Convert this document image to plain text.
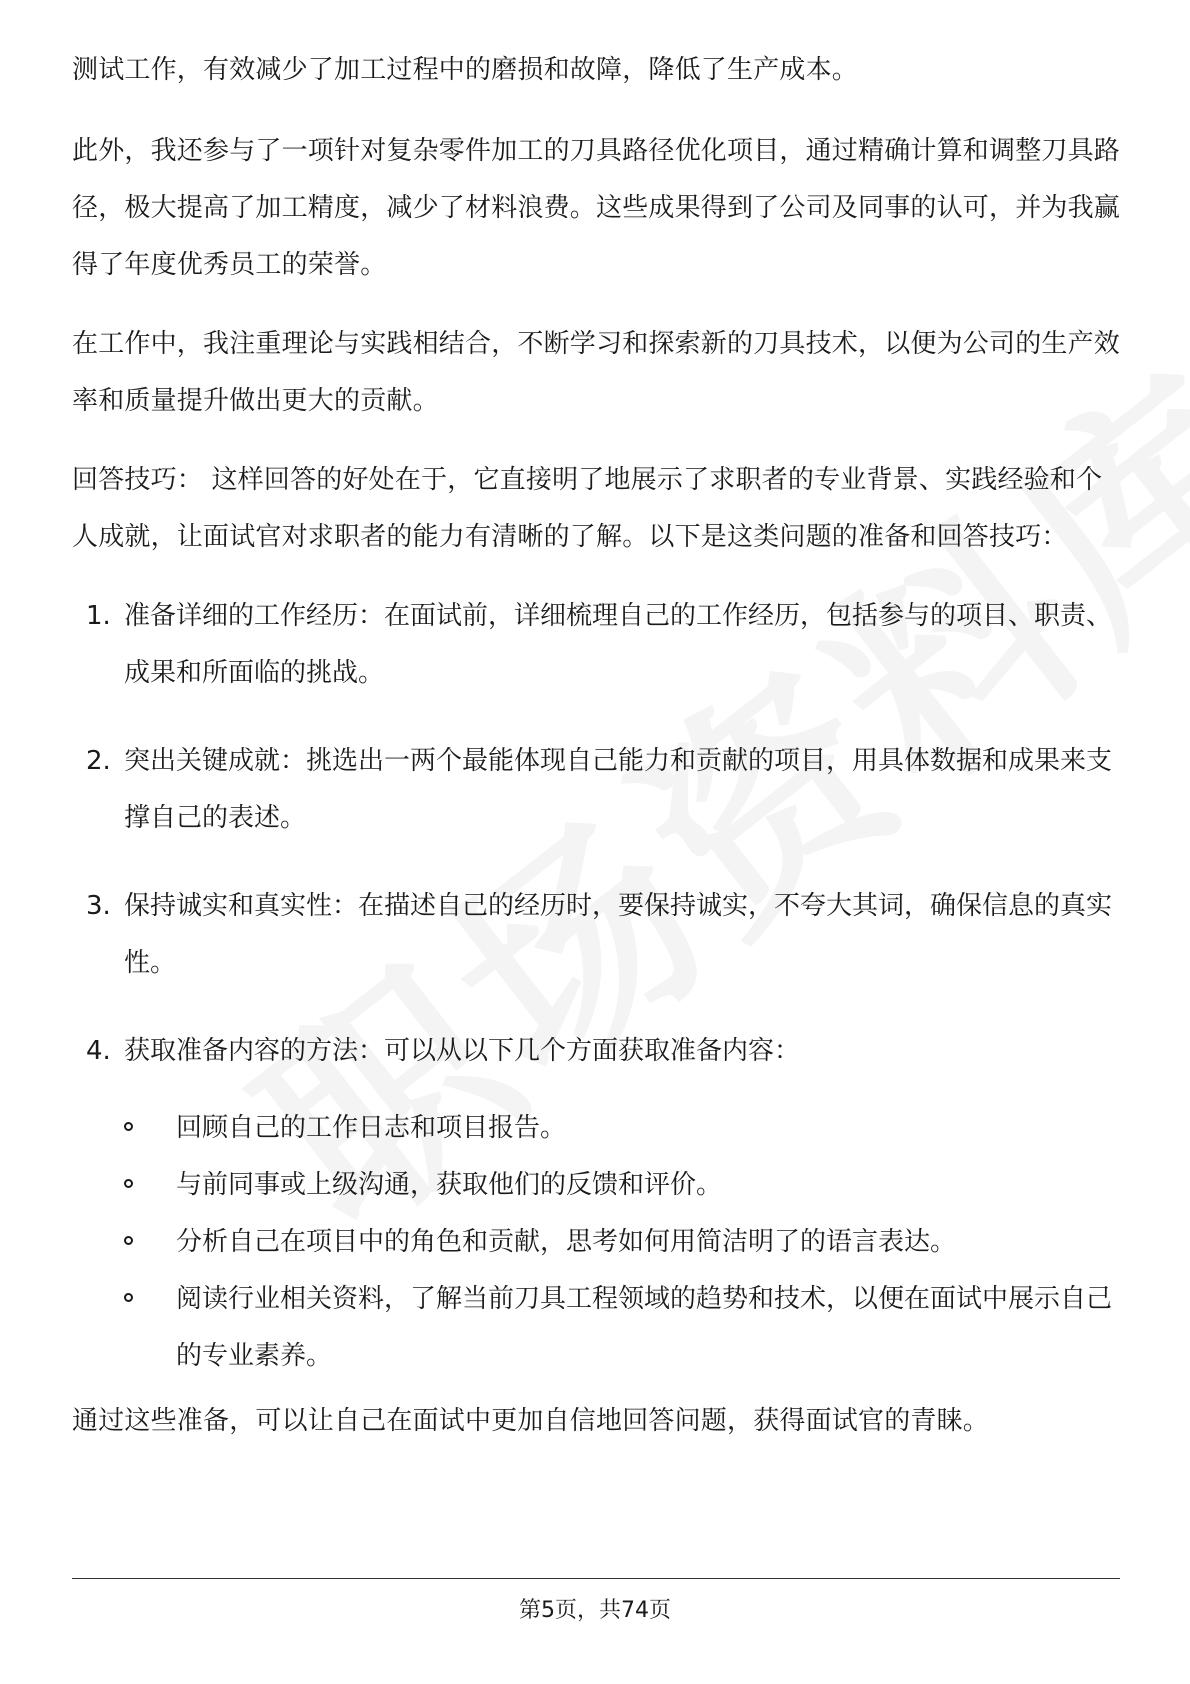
测试工作，有效减少了加工过程中的磨损和故障，降低了生产成本。

此外，我还参与了一项针对复杂零件加工的刀具路径优化项目，通过精确计算和调整刀具路径，极大提高了加工精度，减少了材料浪费。这些成果得到了公司及同事的认可，并为我赢得了年度优秀员工的荣誉。

在工作中，我注重理论与实践相结合，不断学习和探索新的刀具技术，以便为公司的生产效率和质量提升做出更大的贡献。

回答技巧： 这样回答的好处在于，它直接明了地展示了求职者的专业背景、实践经验和个人成就，让面试官对求职者的能力有清晰的了解。以下是这类问题的准备和回答技巧：

1. 准备详细的工作经历：在面试前，详细梳理自己的工作经历，包括参与的项目、职责、成果和所面临的挑战。
2. 突出关键成就：挑选出一两个最能体现自己能力和贡献的项目，用具体数据和成果来支撑自己的表述。
3. 保持诚实和真实性：在描述自己的经历时，要保持诚实，不夸大其词，确保信息的真实性。
4. 获取准备内容的方法：可以从以下几个方面获取准备内容：
回顾自己的工作日志和项目报告。
与前同事或上级沟通，获取他们的反馈和评价。
分析自己在项目中的角色和贡献，思考如何用简洁明了的语言表达。
阅读行业相关资料，了解当前刀具工程领域的趋势和技术，以便在面试中展示自己的专业素养。

通过这些准备，可以让自己在面试中更加自信地回答问题，获得面试官的青睐。

第5页，共74页
